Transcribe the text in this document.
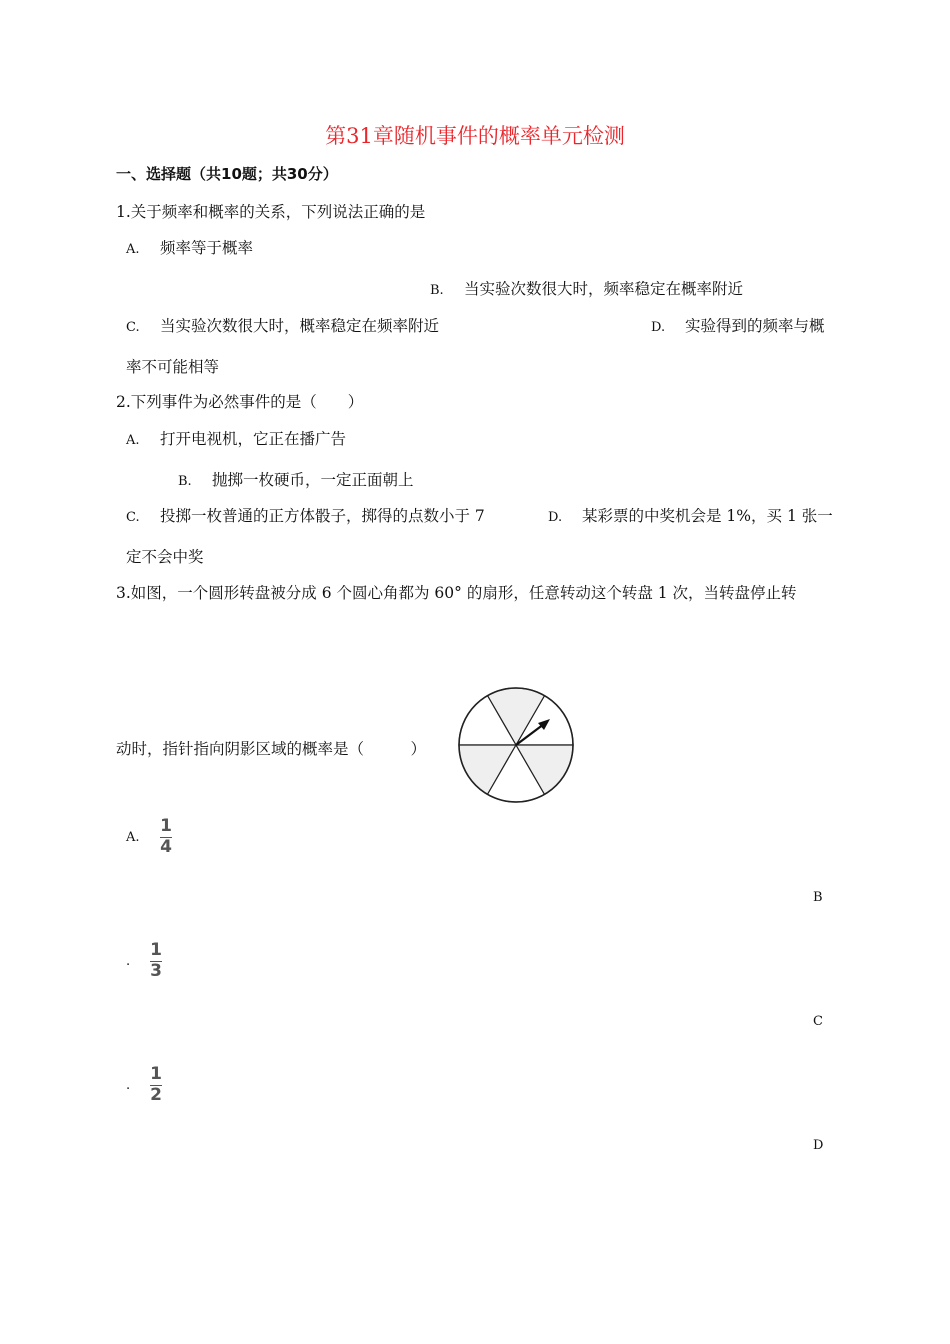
第31章随机事件的概率单元检测
一、选择题（共10题；共30分）
1.关于频率和概率的关系，下列说法正确的是
A. 频率等于概率
B. 当实验次数很大时，频率稳定在概率附近
C. 当实验次数很大时，概率稳定在频率附近	D. 实验得到的频率与概
率不可能相等
2.下列事件为必然事件的是（　　）
A. 打开电视机，它正在播广告
B. 抛掷一枚硬币，一定正面朝上
C. 投掷一枚普通的正方体骰子，掷得的点数小于 7	D. 某彩票的中奖机会是 1%，买 1 张一
定不会中奖
3.如图，一个圆形转盘被分成 6 个圆心角都为 60° 的扇形，任意转动这个转盘 1 次，当转盘停止转
动时，指针指向阴影区域的概率是（　　　）
A. $\frac{1}{4}$
B
. $\frac{1}{3}$
C
. $\frac{1}{2}$
D
